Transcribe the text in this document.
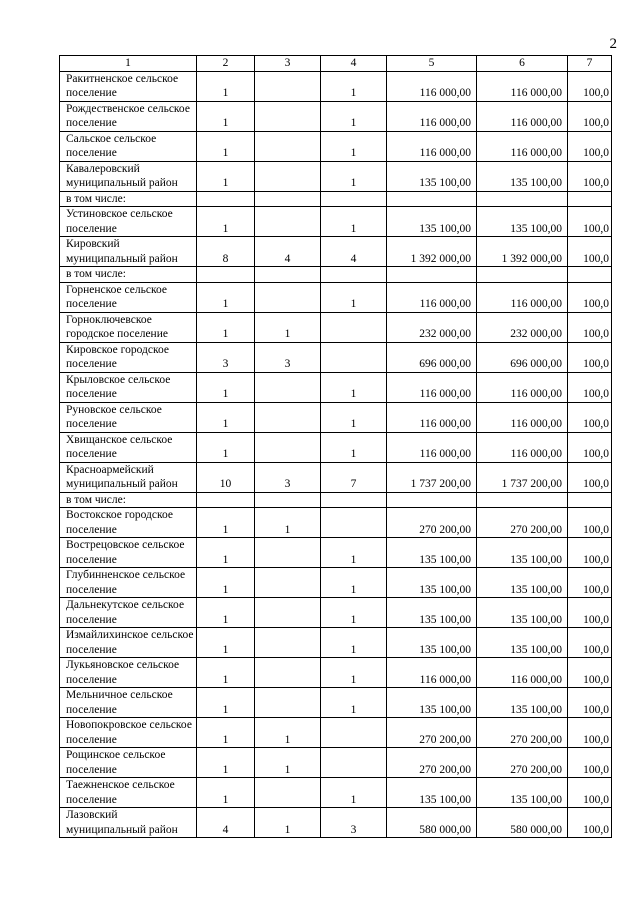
2
1	2	3	4	5	6	7
Ракитненское сельское поселение	1		1	116 000,00	116 000,00	100,0
Рождественское сельское поселение	1		1	116 000,00	116 000,00	100,0
Сальское сельское поселение	1		1	116 000,00	116 000,00	100,0
Кавалеровский муниципальный район	1		1	135 100,00	135 100,00	100,0
в том числе:						
Устиновское сельское поселение	1		1	135 100,00	135 100,00	100,0
Кировский муниципальный район	8	4	4	1 392 000,00	1 392 000,00	100,0
в том числе:						
Горненское сельское поселение	1		1	116 000,00	116 000,00	100,0
Горноключевское городское поселение	1	1		232 000,00	232 000,00	100,0
Кировское городское поселение	3	3		696 000,00	696 000,00	100,0
Крыловское сельское поселение	1		1	116 000,00	116 000,00	100,0
Руновское сельское поселение	1		1	116 000,00	116 000,00	100,0
Хвищанское сельское поселение	1		1	116 000,00	116 000,00	100,0
Красноармейский муниципальный район	10	3	7	1 737 200,00	1 737 200,00	100,0
в том числе:						
Востокское городское поселение	1	1		270 200,00	270 200,00	100,0
Вострецовское сельское поселение	1		1	135 100,00	135 100,00	100,0
Глубинненское сельское поселение	1		1	135 100,00	135 100,00	100,0
Дальнекутское сельское поселение	1		1	135 100,00	135 100,00	100,0
Измайлихинское сельское поселение	1		1	135 100,00	135 100,00	100,0
Лукьяновское сельское поселение	1		1	116 000,00	116 000,00	100,0
Мельничное сельское поселение	1		1	135 100,00	135 100,00	100,0
Новопокровское сельское поселение	1	1		270 200,00	270 200,00	100,0
Рощинское сельское поселение	1	1		270 200,00	270 200,00	100,0
Таежненское сельское поселение	1		1	135 100,00	135 100,00	100,0
Лазовский муниципальный район	4	1	3	580 000,00	580 000,00	100,0
